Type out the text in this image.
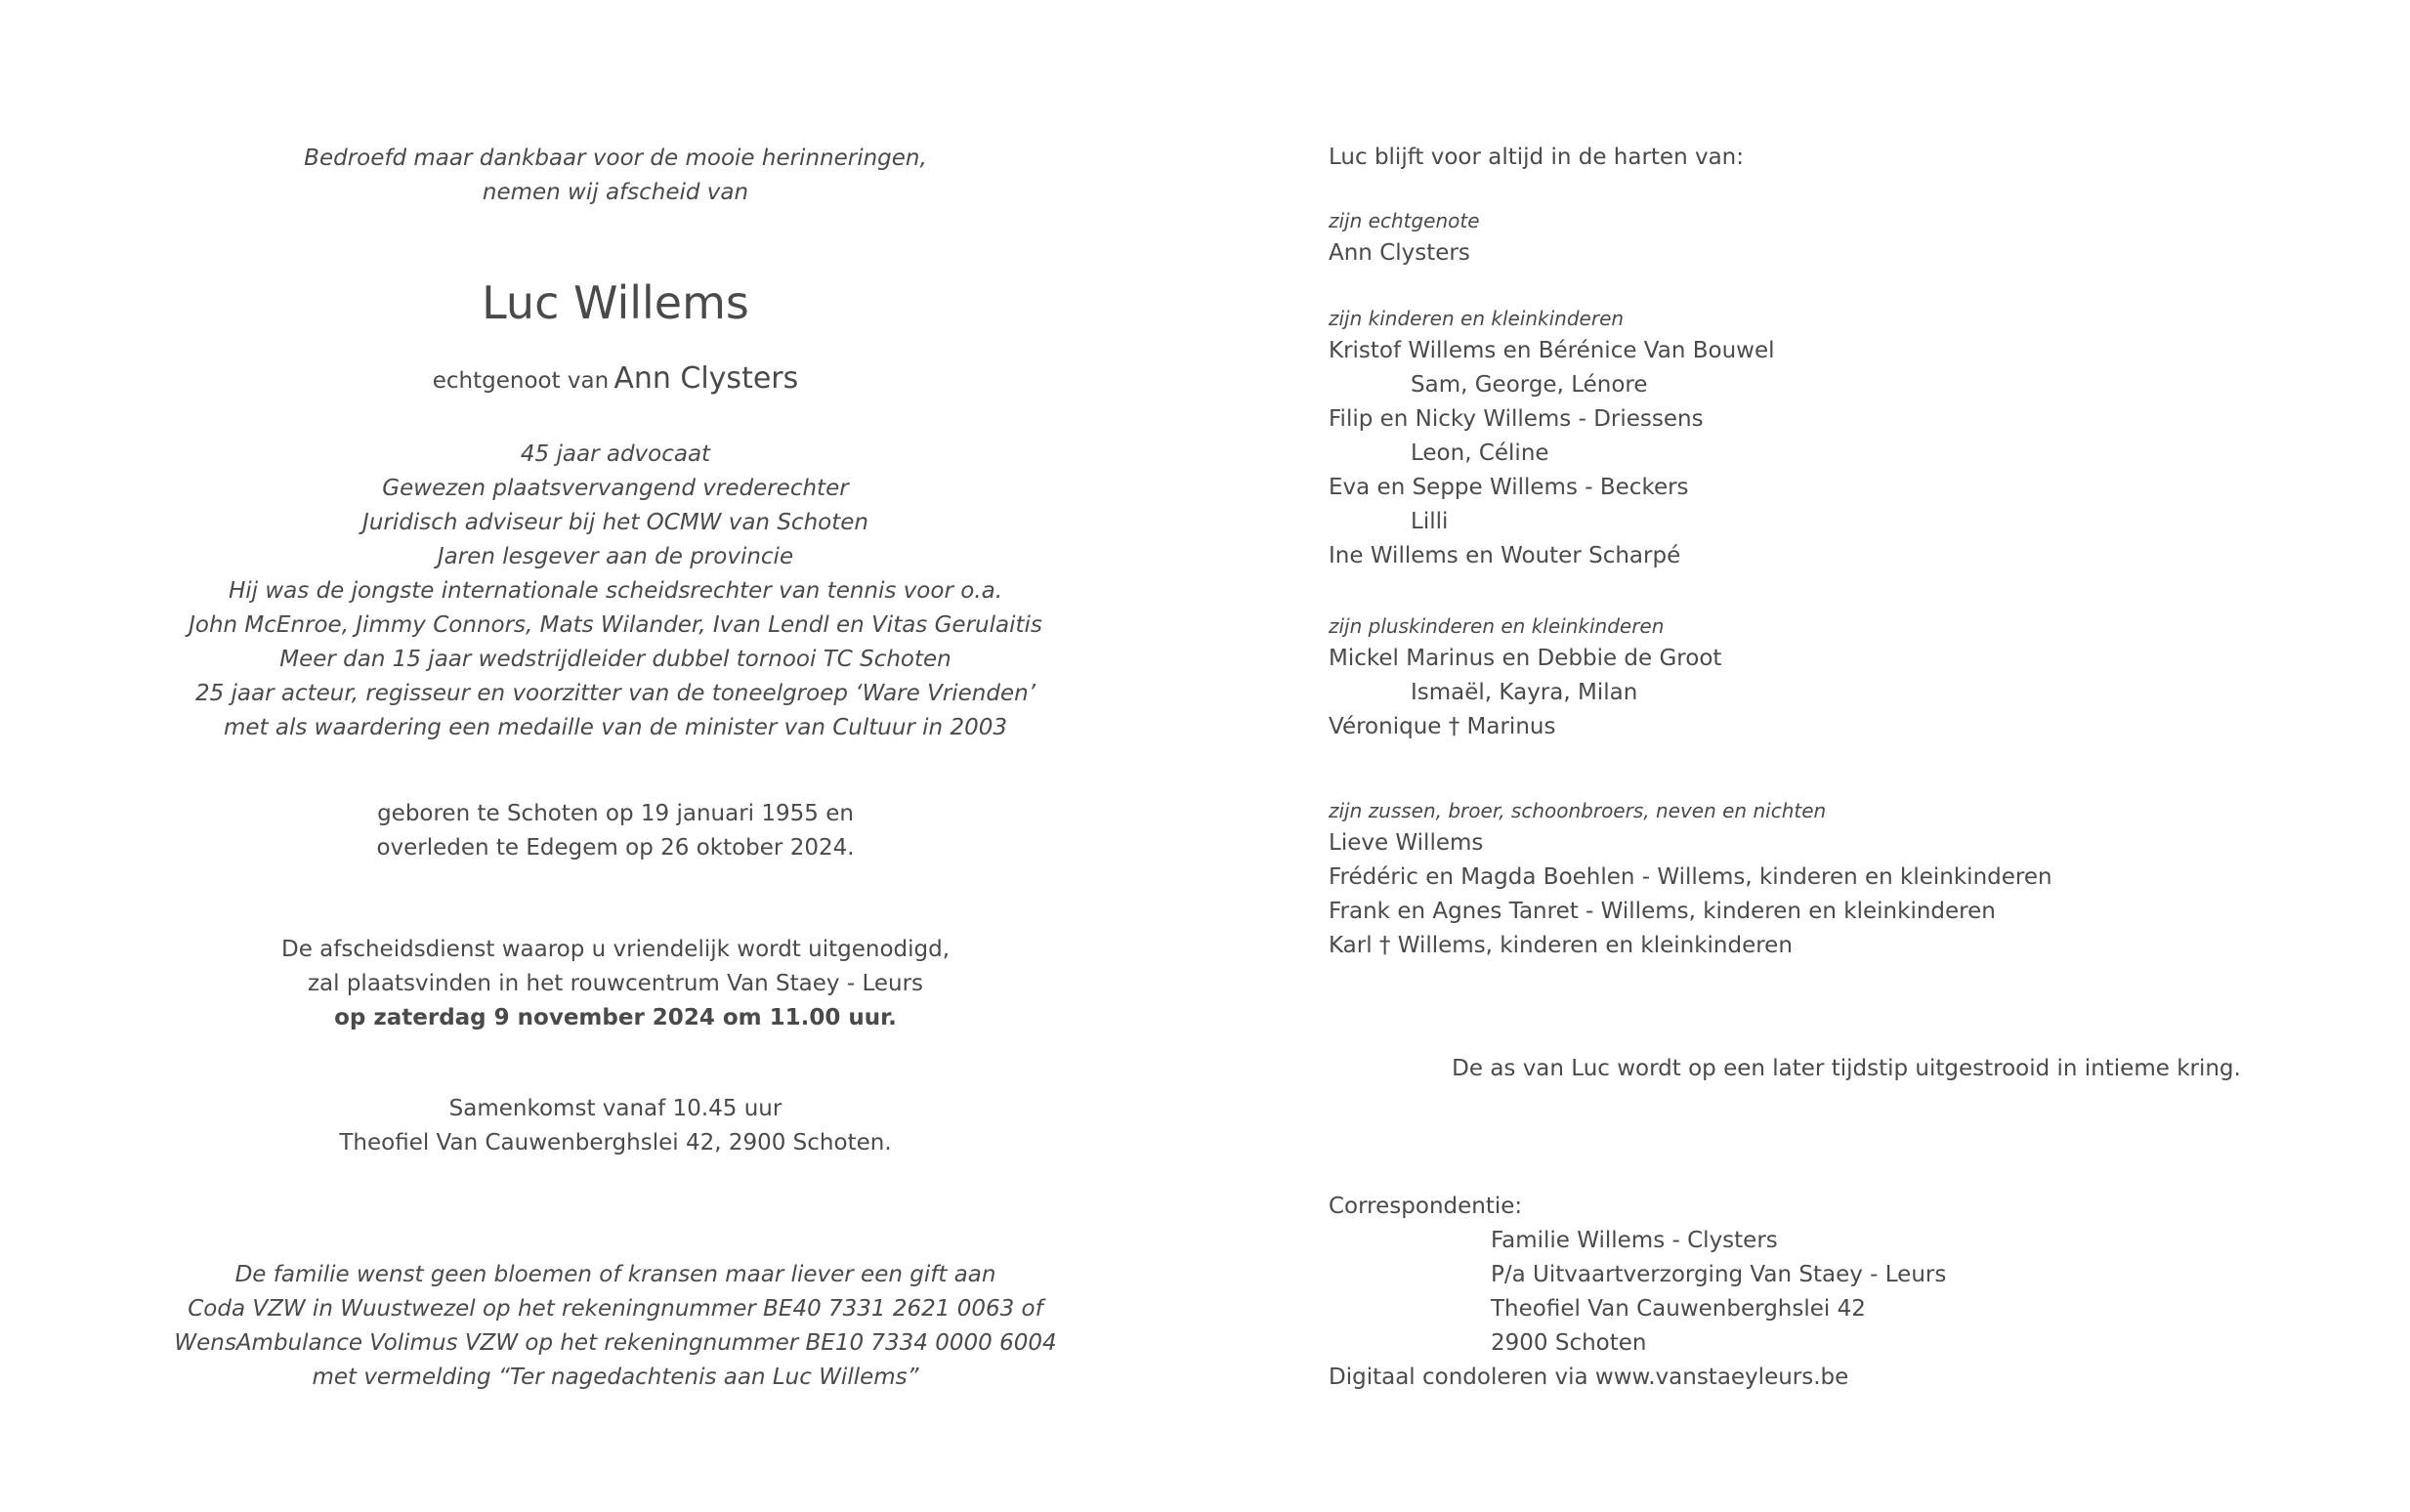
Bedroefd maar dankbaar voor de mooie herinneringen,
nemen wij afscheid van
Luc Willems
echtgenoot van Ann Clysters
45 jaar advocaat
Gewezen plaatsvervangend vrederechter
Juridisch adviseur bij het OCMW van Schoten
Jaren lesgever aan de provincie
Hij was de jongste internationale scheidsrechter van tennis voor o.a.
John McEnroe, Jimmy Connors, Mats Wilander, Ivan Lendl en Vitas Gerulaitis
Meer dan 15 jaar wedstrijdleider dubbel tornooi TC Schoten
25 jaar acteur, regisseur en voorzitter van de toneelgroep ‘Ware Vrienden’
met als waardering een medaille van de minister van Cultuur in 2003
geboren te Schoten op 19 januari 1955 en
overleden te Edegem op 26 oktober 2024.
De afscheidsdienst waarop u vriendelijk wordt uitgenodigd,
zal plaatsvinden in het rouwcentrum Van Staey - Leurs
op zaterdag 9 november 2024 om 11.00 uur.
Samenkomst vanaf 10.45 uur
Theofiel Van Cauwenberghslei 42, 2900 Schoten.
De familie wenst geen bloemen of kransen maar liever een gift aan
Coda VZW in Wuustwezel op het rekeningnummer BE40 7331 2621 0063 of
WensAmbulance Volimus VZW op het rekeningnummer BE10 7334 0000 6004
met vermelding “Ter nagedachtenis aan Luc Willems”
Luc blijft voor altijd in de harten van:
zijn echtgenote
Ann Clysters
zijn kinderen en kleinkinderen
Kristof Willems en Bérénice Van Bouwel
Sam, George, Lénore
Filip en Nicky Willems - Driessens
Leon, Céline
Eva en Seppe Willems - Beckers
Lilli
Ine Willems en Wouter Scharpé
zijn pluskinderen en kleinkinderen
Mickel Marinus en Debbie de Groot
Ismaël, Kayra, Milan
Véronique † Marinus
zijn zussen, broer, schoonbroers, neven en nichten
Lieve Willems
Frédéric en Magda Boehlen - Willems, kinderen en kleinkinderen
Frank en Agnes Tanret - Willems, kinderen en kleinkinderen
Karl † Willems, kinderen en kleinkinderen
De as van Luc wordt op een later tijdstip uitgestrooid in intieme kring.
Correspondentie:
Familie Willems - Clysters
P/a Uitvaartverzorging Van Staey - Leurs
Theofiel Van Cauwenberghslei 42
2900 Schoten
Digitaal condoleren via www.vanstaeyleurs.be
